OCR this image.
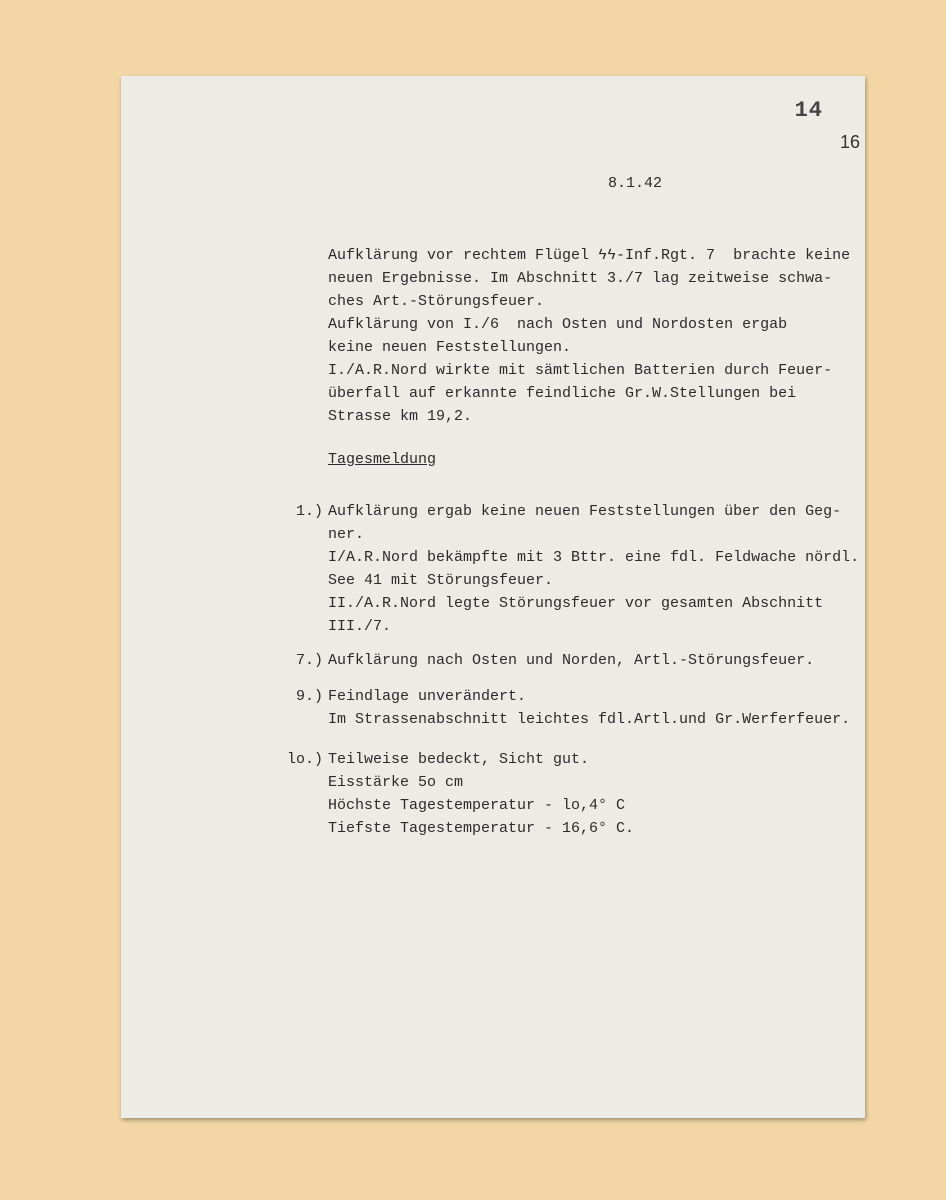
14
16
8.1.42
Aufklärung vor rechtem Flügel ϟϟ-Inf.Rgt. 7  brachte keine
neuen Ergebnisse. Im Abschnitt 3./7 lag zeitweise schwa-
ches Art.-Störungsfeuer.
Aufklärung von I./6  nach Osten und Nordosten ergab
keine neuen Feststellungen.
I./A.R.Nord wirkte mit sämtlichen Batterien durch Feuer-
überfall auf erkannte feindliche Gr.W.Stellungen bei
Strasse km 19,2.
Tagesmeldung
1.) Aufklärung ergab keine neuen Feststellungen über den Geg-
ner.
I/A.R.Nord bekämpfte mit 3 Bttr. eine fdl. Feldwache nördl.
See 41 mit Störungsfeuer.
II./A.R.Nord legte Störungsfeuer vor gesamten Abschnitt
III./7.
7.) Aufklärung nach Osten und Norden, Artl.-Störungsfeuer.
9.) Feindlage unverändert.
Im Strassenabschnitt leichtes fdl.Artl.und Gr.Werferfeuer.
lo.) Teilweise bedeckt, Sicht gut.
Eisstärke 5o cm
Höchste Tagestemperatur - lo,4° C
Tiefste Tagestemperatur - 16,6° C.
